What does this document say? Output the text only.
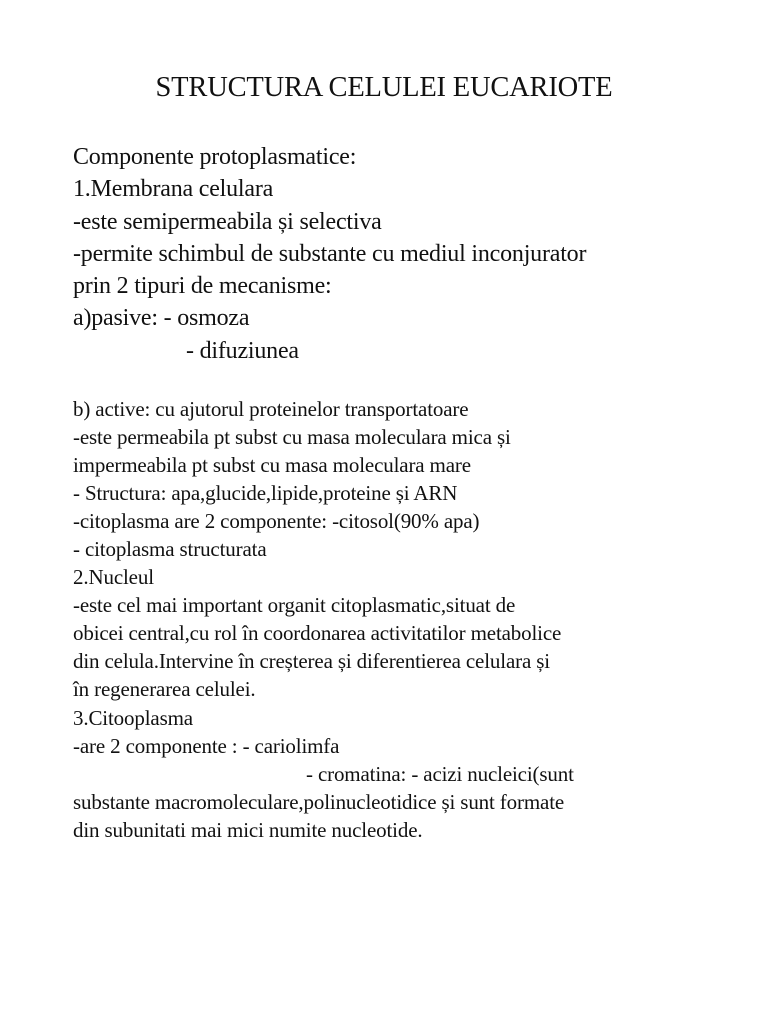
STRUCTURA CELULEI EUCARIOTE
Componente protoplasmatice:
1.Membrana celulara
-este semipermeabila și selectiva
-permite schimbul de substante cu mediul inconjurator
prin 2 tipuri de mecanisme:
a)pasive: - osmoza
- difuziunea
b) active: cu ajutorul proteinelor transportatoare
-este permeabila pt subst cu masa moleculara mica și
impermeabila pt subst cu masa moleculara mare
- Structura: apa,glucide,lipide,proteine și ARN
-citoplasma are 2 componente: -citosol(90% apa)
- citoplasma structurata
2.Nucleul
-este cel mai important organit citoplasmatic,situat de
obicei central,cu rol în coordonarea activitatilor metabolice
din celula.Intervine în creșterea și diferentierea celulara și
în regenerarea celulei.
3.Citooplasma
-are 2 componente : - cariolimfa
- cromatina: - acizi nucleici(sunt
substante macromoleculare,polinucleotidice și sunt formate
din subunitati mai mici numite nucleotide.
